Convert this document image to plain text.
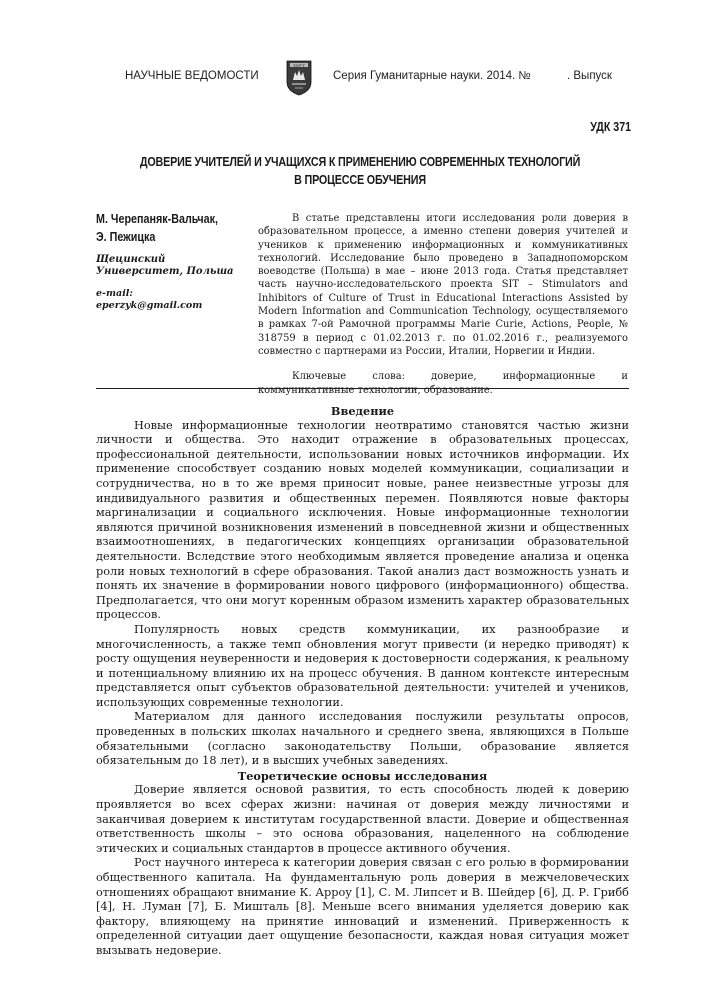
НАУЧНЫЕ ВЕДОМОСТИ
БелГУ
Серия Гуманитарные науки. 2014. №	. Выпуск
УДК 371
ДОВЕРИЕ УЧИТЕЛЕЙ И УЧАЩИХСЯ К ПРИМЕНЕНИЮ СОВРЕМЕННЫХ ТЕХНОЛОГИЙ
В ПРОЦЕССЕ ОБУЧЕНИЯ
М. Черепаняк-Вальчак,
Э. Пежицка
Щецинский
Университет, Польша
e-mail:
eperzyk@gmail.com

В статье представлены итоги исследования роли доверия в образовательном процессе, а именно степени доверия учителей и учеников к применению информационных и коммуникативных технологий. Исследование было проведено в Западнопоморском воеводстве (Польша) в мае – июне 2013 года. Статья представляет часть научно-исследовательского проекта SIT – Stimulators and Inhibitors of Culture of Trust in Educational Interactions Assisted by Modern Information and Communication Technology, осуществляемого в рамках 7-ой Рамочной программы Marie Curie, Actions, People, № 318759 в период с 01.02.2013 г. по 01.02.2016 г., реализуемого совместно с партнерами из России, Италии, Норвегии и Индии.

Ключевые слова: доверие, информационные и коммуникативные технологии, образование.

Введение

Новые информационные технологии неотвратимо становятся частью жизни личности и общества. Это находит отражение в образовательных процессах, профессиональной деятельности, использовании новых источников информации. Их применение способствует созданию новых моделей коммуникации, социализации и сотрудничества, но в то же время приносит новые, ранее неизвестные угрозы для индивидуального развития и общественных перемен. Появляются новые факторы маргинализации и социального исключения. Новые информационные технологии являются причиной возникновения изменений в повседневной жизни и общественных взаимоотношениях, в педагогических концепциях организации образовательной деятельности. Вследствие этого необходимым является проведение анализа и оценка роли новых технологий в сфере образования. Такой анализ даст возможность узнать и понять их значение в формировании нового цифрового (информационного) общества. Предполагается, что они могут коренным образом изменить характер образовательных процессов.

Популярность новых средств коммуникации, их разнообразие и многочисленность, а также темп обновления могут привести (и нередко приводят) к росту ощущения неуверенности и недоверия к достоверности содержания, к реальному и потенциальному влиянию их на процесс обучения. В данном контексте интересным представляется опыт субъектов образовательной деятельности: учителей и учеников, использующих современные технологии.

Материалом для данного исследования послужили результаты опросов, проведенных в польских школах начального и среднего звена, являющихся в Польше обязательными (согласно законодательству Польши, образование является обязательным до 18 лет), и в высших учебных заведениях.

Теоретические основы исследования

Доверие является основой развития, то есть способность людей к доверию проявляется во всех сферах жизни: начиная от доверия между личностями и заканчивая доверием к институтам государственной власти. Доверие и общественная ответственность школы – это основа образования, нацеленного на соблюдение этических и социальных стандартов в процессе активного обучения.

Рост научного интереса к категории доверия связан с его ролью в формировании общественного капитала. На фундаментальную роль доверия в межчеловеческих отношениях обращают внимание К. Арроу [1], С. М. Липсет и В. Шейдер [6], Д. Р. Грибб [4], Н. Луман [7], Б. Мишталь [8]. Меньше всего внимания уделяется доверию как фактору, влияющему на принятие инноваций и изменений. Приверженность к определенной ситуации дает ощущение безопасности, каждая новая ситуация может вызывать недоверие.
